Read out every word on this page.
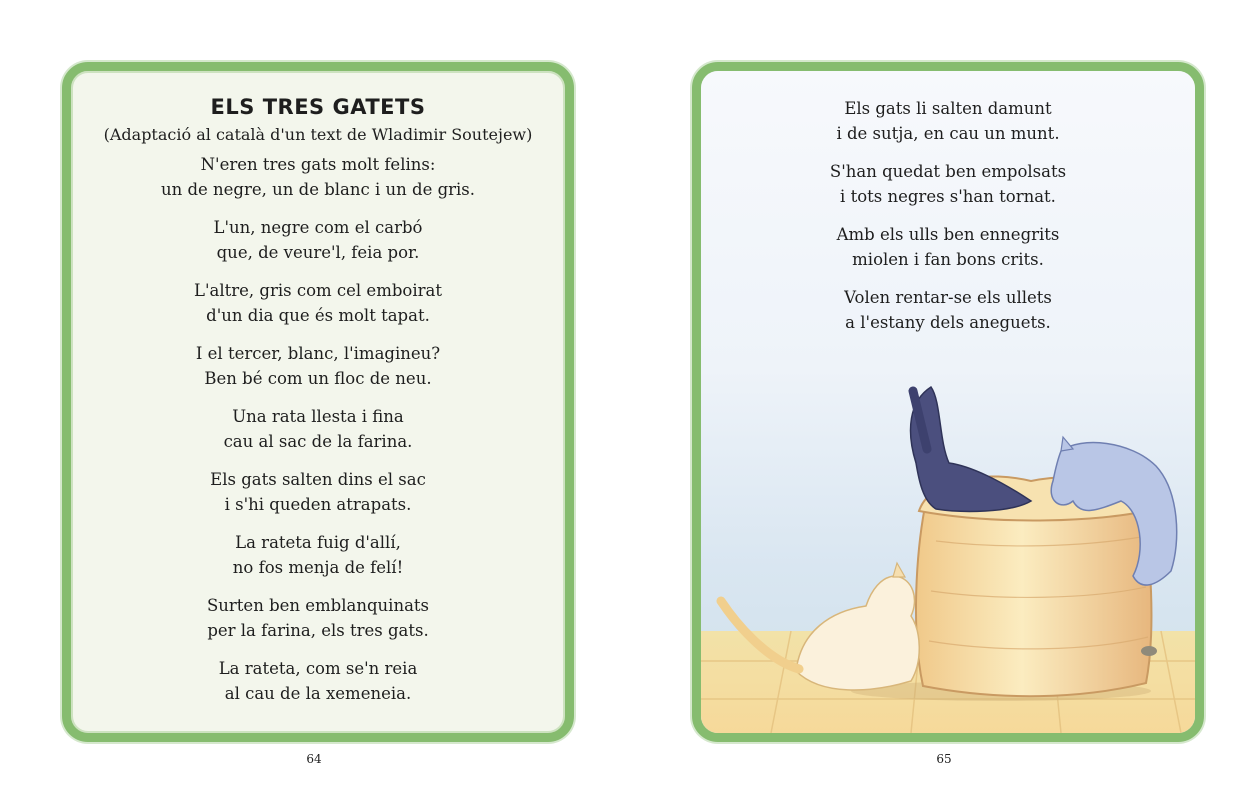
ELS TRES GATETS

(Adaptació al català d'un text de Wladimir Soutejew)

N'eren tres gats molt felins:
un de negre, un de blanc i un de gris.

L'un, negre com el carbó
que, de veure'l, feia por.

L'altre, gris com cel emboirat
d'un dia que és molt tapat.

I el tercer, blanc, l'imagineu?
Ben bé com un floc de neu.

Una rata llesta i fina
cau al sac de la farina.

Els gats salten dins el sac
i s'hi queden atrapats.

La rateta fuig d'allí,
no fos menja de felí!

Surten ben emblanquinats
per la farina, els tres gats.

La rateta, com se'n reia
al cau de la xemeneia.

Els gats li salten damunt
i de sutja, en cau un munt.

S'han quedat ben empolsats
i tots negres s'han tornat.

Amb els ulls ben ennegrits
miolen i fan bons crits.

Volen rentar-se els ullets
a l'estany dels aneguets.

64	65
